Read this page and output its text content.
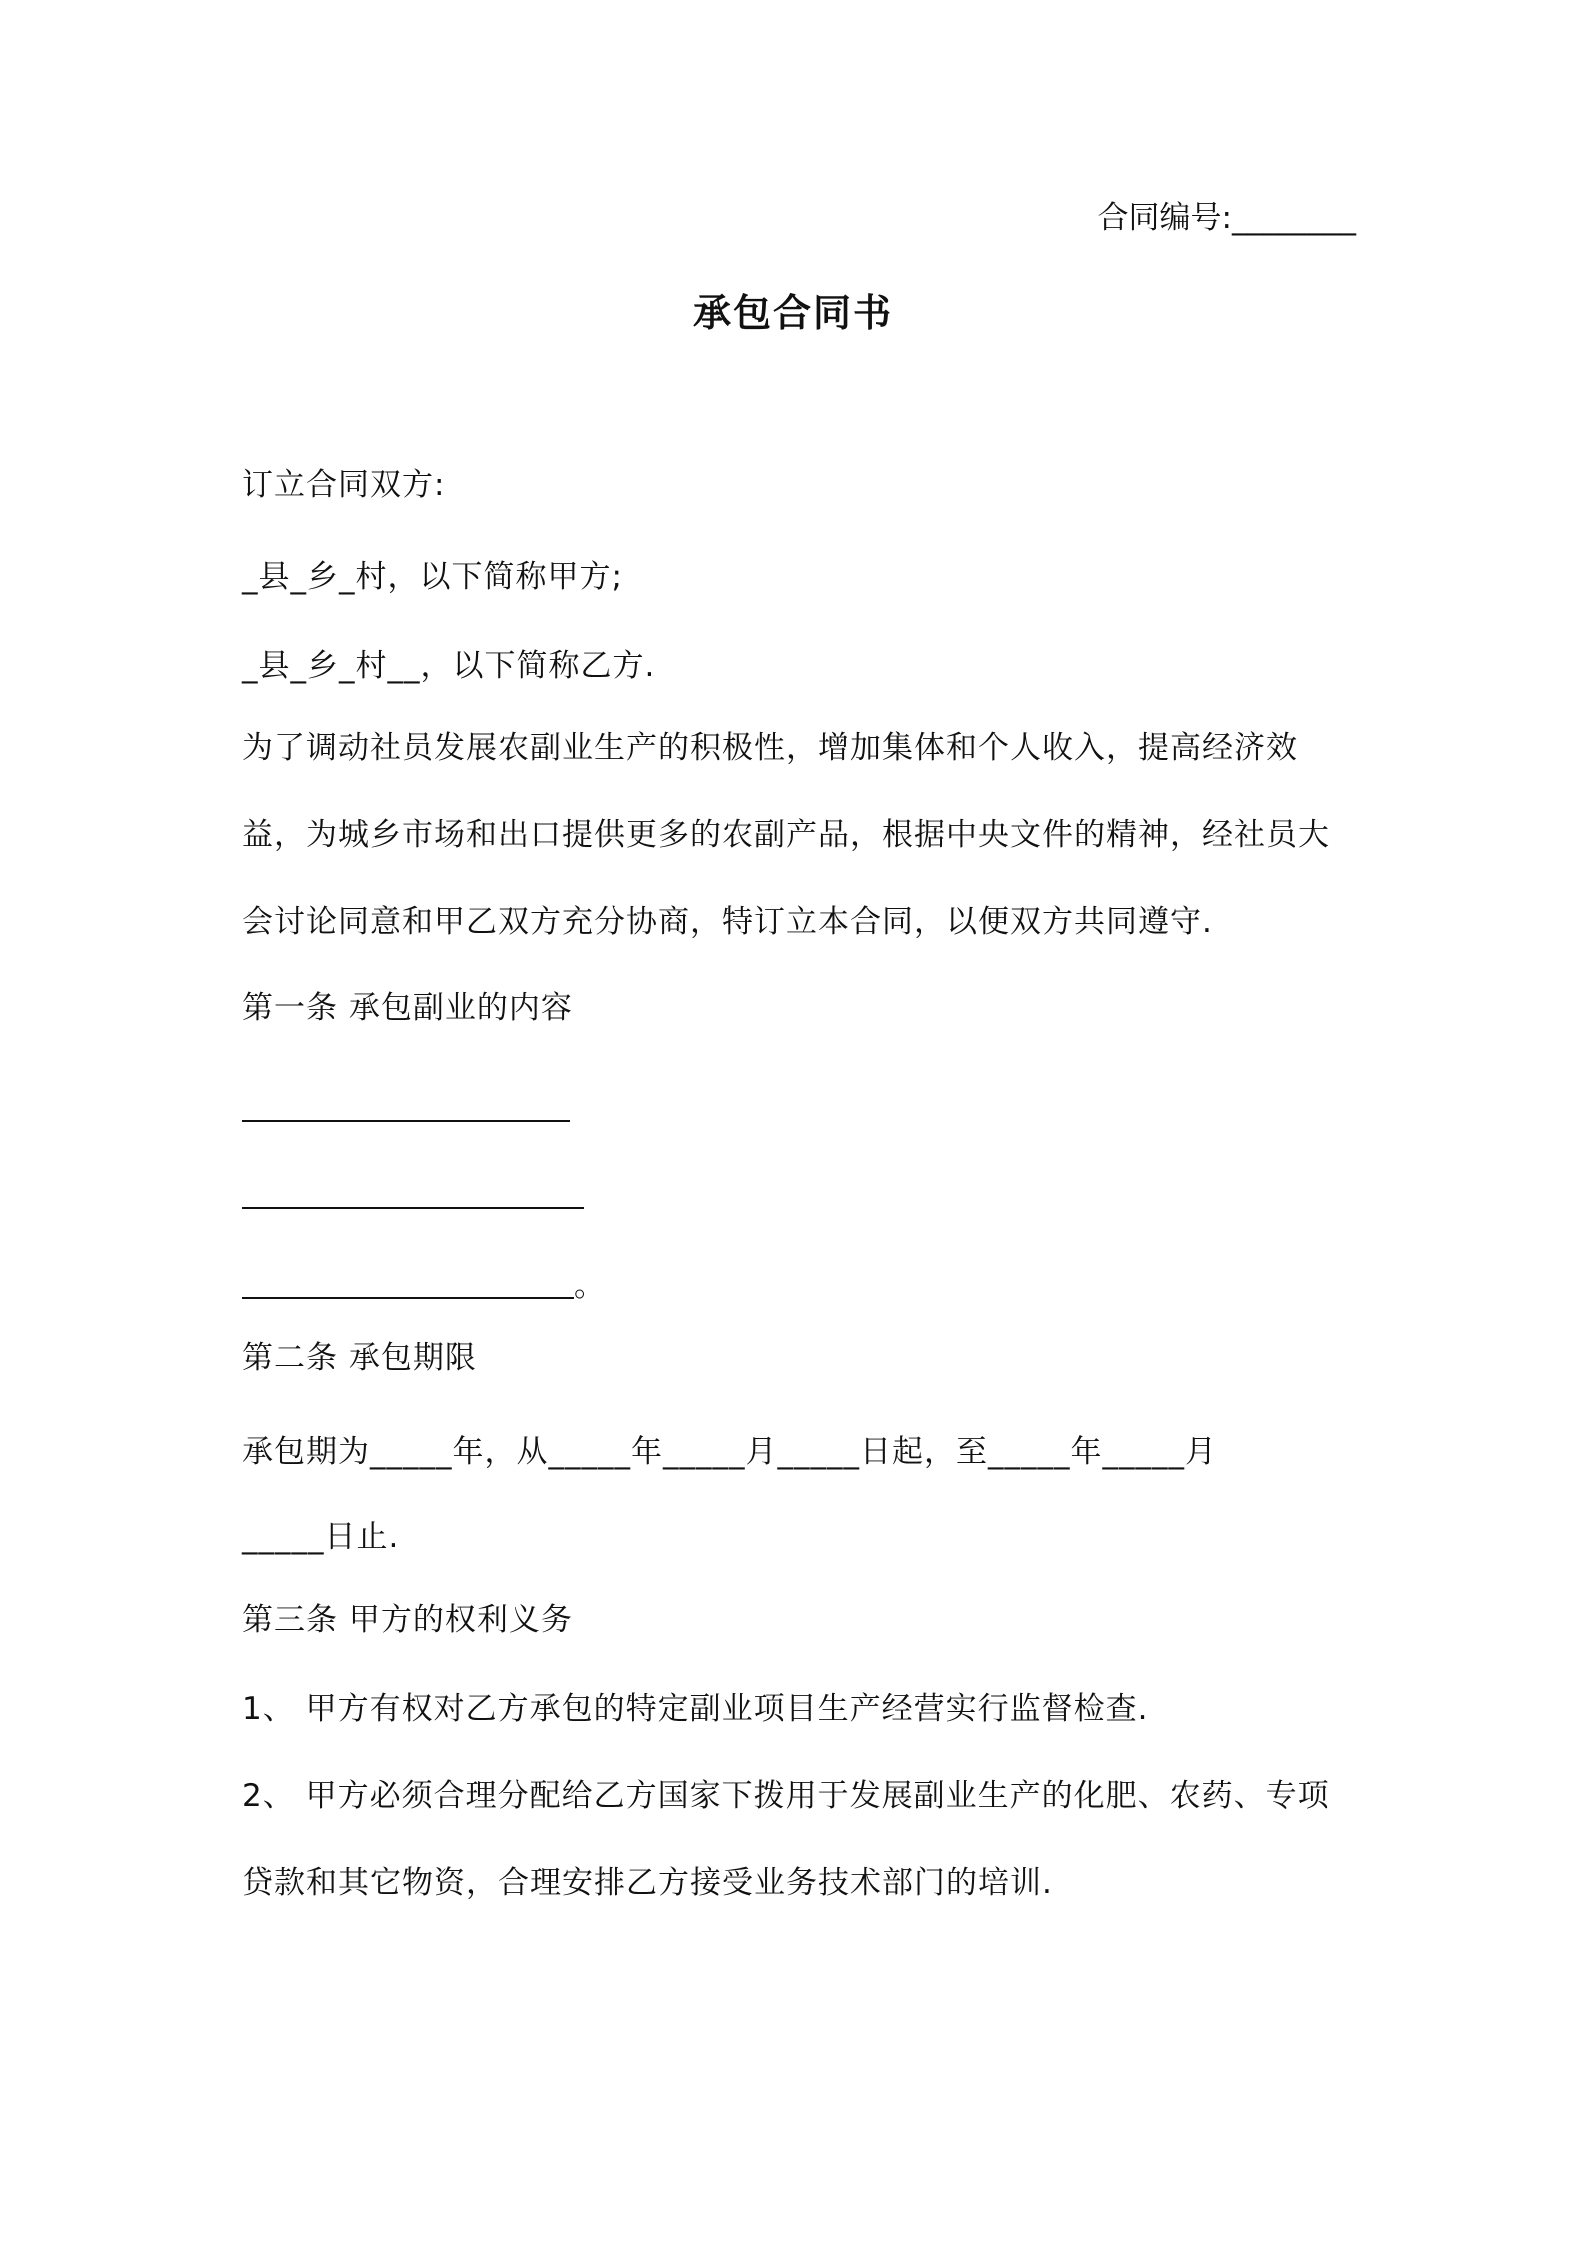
合同编号:________
承包合同书
订立合同双方:
_县_乡_村，以下简称甲方;
_县_乡_村__，以下简称乙方.
为了调动社员发展农副业生产的积极性，增加集体和个人收入，提高经济效
益，为城乡市场和出口提供更多的农副产品，根据中央文件的精神，经社员大
会讨论同意和甲乙双方充分协商，特订立本合同，以便双方共同遵守.
第一条 承包副业的内容
。
第二条 承包期限
承包期为_____年，从_____年_____月_____日起，至_____年_____月
_____日止.
第三条 甲方的权利义务
1、 甲方有权对乙方承包的特定副业项目生产经营实行监督检查.
2、 甲方必须合理分配给乙方国家下拨用于发展副业生产的化肥、农药、专项
贷款和其它物资，合理安排乙方接受业务技术部门的培训.
